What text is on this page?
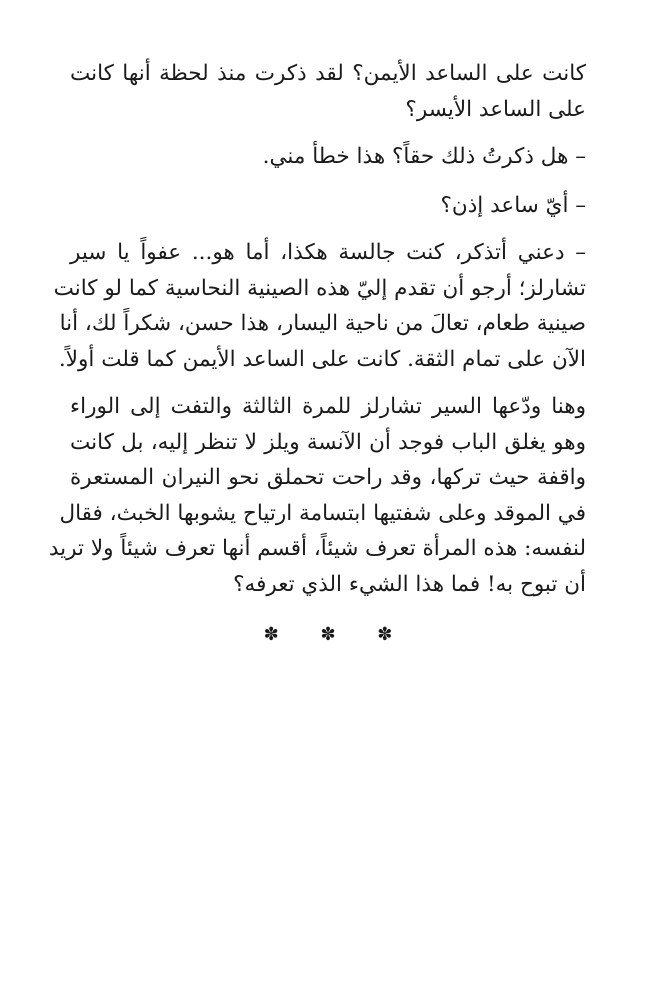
كانت على الساعد الأيمن؟ لقد ذكرت منذ لحظة أنها كانت
على الساعد الأيسر؟

– هل ذكرتُ ذلك حقاً؟ هذا خطأ مني.

– أيّ ساعد إذن؟

– دعني أتذكر، كنت جالسة هكذا، أما هو... عفواً يا سير
تشارلز؛ أرجو أن تقدم إليّ هذه الصينية النحاسية كما لو كانت
صينية طعام، تعالَ من ناحية اليسار، هذا حسن، شكراً لك، أنا
الآن على تمام الثقة. كانت على الساعد الأيمن كما قلت أولاً.

وهنا ودّعها السير تشارلز للمرة الثالثة والتفت إلى الوراء
وهو يغلق الباب فوجد أن الآنسة ويلز لا تنظر إليه، بل كانت
واقفة حيث تركها، وقد راحت تحملق نحو النيران المستعرة
في الموقد وعلى شفتيها ابتسامة ارتياح يشوبها الخبث، فقال
لنفسه: هذه المرأة تعرف شيئاً، أقسم أنها تعرف شيئاً ولا تريد
أن تبوح به! فما هذا الشيء الذي تعرفه؟

✽ ✽ ✽
